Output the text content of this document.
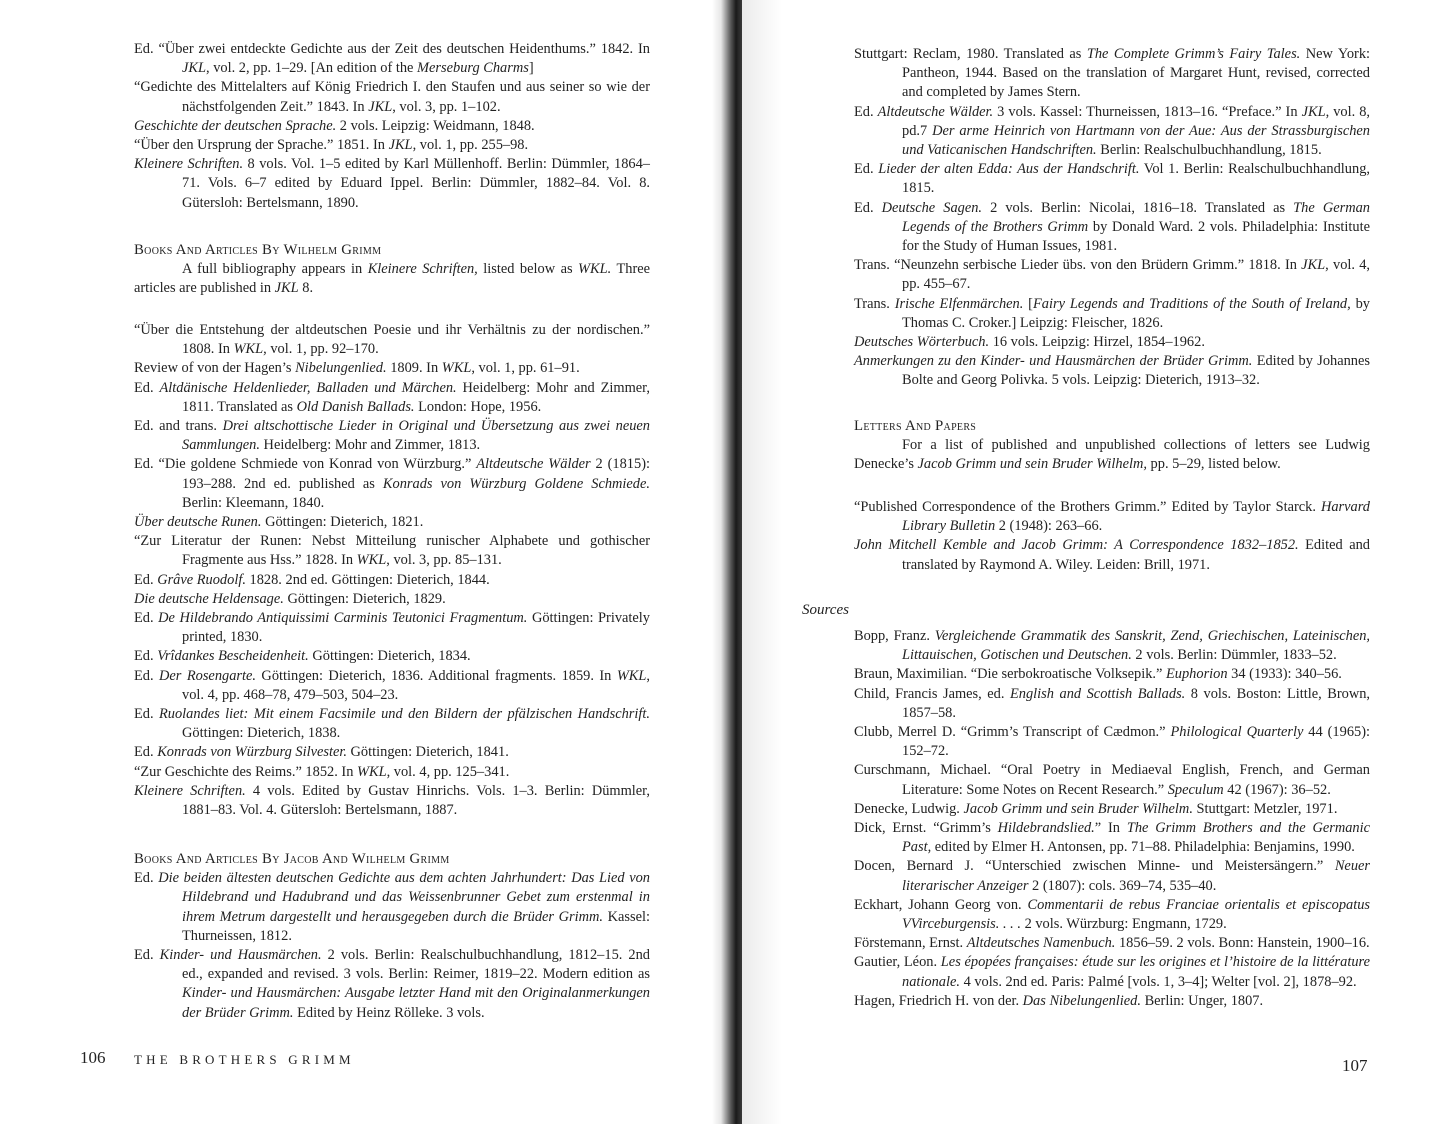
Ed. “Über zwei entdeckte Gedichte aus der Zeit des deutschen Heidenthums.” 1842. In JKL, vol. 2, pp. 1–29. [An edition of the Merseburg Charms]

“Gedichte des Mittelalters auf König Friedrich I. den Staufen und aus seiner so wie der nächstfolgenden Zeit.” 1843. In JKL, vol. 3, pp. 1–102.

Geschichte der deutschen Sprache. 2 vols. Leipzig: Weidmann, 1848.

“Über den Ursprung der Sprache.” 1851. In JKL, vol. 1, pp. 255–98.

Kleinere Schriften. 8 vols. Vol. 1–5 edited by Karl Müllenhoff. Berlin: Dümmler, 1864–71. Vols. 6–7 edited by Eduard Ippel. Berlin: Dümmler, 1882–84. Vol. 8. Gütersloh: Bertelsmann, 1890.

Books And Articles By Wilhelm Grimm

A full bibliography appears in Kleinere Schriften, listed below as WKL. Three articles are published in JKL 8.

“Über die Entstehung der altdeutschen Poesie und ihr Verhältnis zu der nordischen.” 1808. In WKL, vol. 1, pp. 92–170.

Review of von der Hagen’s Nibelungenlied. 1809. In WKL, vol. 1, pp. 61–91.

Ed. Altdänische Heldenlieder, Balladen und Märchen. Heidelberg: Mohr and Zimmer, 1811. Translated as Old Danish Ballads. London: Hope, 1956.

Ed. and trans. Drei altschottische Lieder in Original und Übersetzung aus zwei neuen Sammlungen. Heidelberg: Mohr and Zimmer, 1813.

Ed. “Die goldene Schmiede von Konrad von Würzburg.” Altdeutsche Wälder 2 (1815): 193–288. 2nd ed. published as Konrads von Würzburg Goldene Schmiede. Berlin: Kleemann, 1840.

Über deutsche Runen. Göttingen: Dieterich, 1821.

“Zur Literatur der Runen: Nebst Mitteilung runischer Alphabete und gothischer Fragmente aus Hss.” 1828. In WKL, vol. 3, pp. 85–131.

Ed. Grâve Ruodolf. 1828. 2nd ed. Göttingen: Dieterich, 1844.

Die deutsche Heldensage. Göttingen: Dieterich, 1829.

Ed. De Hildebrando Antiquissimi Carminis Teutonici Fragmentum. Göttingen: Privately printed, 1830.

Ed. Vrîdankes Bescheidenheit. Göttingen: Dieterich, 1834.

Ed. Der Rosengarte. Göttingen: Dieterich, 1836. Additional fragments. 1859. In WKL, vol. 4, pp. 468–78, 479–503, 504–23.

Ed. Ruolandes liet: Mit einem Facsimile und den Bildern der pfälzischen Handschrift. Göttingen: Dieterich, 1838.

Ed. Konrads von Würzburg Silvester. Göttingen: Dieterich, 1841.

“Zur Geschichte des Reims.” 1852. In WKL, vol. 4, pp. 125–341.

Kleinere Schriften. 4 vols. Edited by Gustav Hinrichs. Vols. 1–3. Berlin: Dümmler, 1881–83. Vol. 4. Gütersloh: Bertelsmann, 1887.

Books And Articles By Jacob And Wilhelm Grimm

Ed. Die beiden ältesten deutschen Gedichte aus dem achten Jahrhundert: Das Lied von Hildebrand und Hadubrand und das Weissenbrunner Gebet zum erstenmal in ihrem Metrum dargestellt und herausgegeben durch die Brüder Grimm. Kassel: Thurneissen, 1812.

Ed. Kinder- und Hausmärchen. 2 vols. Berlin: Realschulbuchhandlung, 1812–15. 2nd ed., expanded and revised. 3 vols. Berlin: Reimer, 1819–22. Modern edition as Kinder- und Hausmärchen: Ausgabe letzter Hand mit den Originalanmerkungen der Brüder Grimm. Edited by Heinz Rölleke. 3 vols.

106 THE BROTHERS GRIMM

Stuttgart: Reclam, 1980. Translated as The Complete Grimm’s Fairy Tales. New York: Pantheon, 1944. Based on the translation of Margaret Hunt, revised, corrected and completed by James Stern.

Ed. Altdeutsche Wälder. 3 vols. Kassel: Thurneissen, 1813–16. “Preface.” In JKL, vol. 8, pd.7 Der arme Heinrich von Hartmann von der Aue: Aus der Strassburgischen und Vaticanischen Handschriften. Berlin: Realschulbuchhandlung, 1815.

Ed. Lieder der alten Edda: Aus der Handschrift. Vol 1. Berlin: Realschulbuchhandlung, 1815.

Ed. Deutsche Sagen. 2 vols. Berlin: Nicolai, 1816–18. Translated as The German Legends of the Brothers Grimm by Donald Ward. 2 vols. Philadelphia: Institute for the Study of Human Issues, 1981.

Trans. “Neunzehn serbische Lieder übs. von den Brüdern Grimm.” 1818. In JKL, vol. 4, pp. 455–67.

Trans. Irische Elfenmärchen. [Fairy Legends and Traditions of the South of Ireland, by Thomas C. Croker.] Leipzig: Fleischer, 1826.

Deutsches Wörterbuch. 16 vols. Leipzig: Hirzel, 1854–1962.

Anmerkungen zu den Kinder- und Hausmärchen der Brüder Grimm. Edited by Johannes Bolte and Georg Polivka. 5 vols. Leipzig: Dieterich, 1913–32.

Letters And Papers

For a list of published and unpublished collections of letters see Ludwig Denecke’s Jacob Grimm und sein Bruder Wilhelm, pp. 5–29, listed below.

“Published Correspondence of the Brothers Grimm.” Edited by Taylor Starck. Harvard Library Bulletin 2 (1948): 263–66.

John Mitchell Kemble and Jacob Grimm: A Correspondence 1832–1852. Edited and translated by Raymond A. Wiley. Leiden: Brill, 1971.

Sources

Bopp, Franz. Vergleichende Grammatik des Sanskrit, Zend, Griechischen, Lateinischen, Littauischen, Gotischen und Deutschen. 2 vols. Berlin: Dümmler, 1833–52.

Braun, Maximilian. “Die serbokroatische Volksepik.” Euphorion 34 (1933): 340–56.

Child, Francis James, ed. English and Scottish Ballads. 8 vols. Boston: Little, Brown, 1857–58.

Clubb, Merrel D. “Grimm’s Transcript of Cædmon.” Philological Quarterly 44 (1965): 152–72.

Curschmann, Michael. “Oral Poetry in Mediaeval English, French, and German Literature: Some Notes on Recent Research.” Speculum 42 (1967): 36–52.

Denecke, Ludwig. Jacob Grimm und sein Bruder Wilhelm. Stuttgart: Metzler, 1971.

Dick, Ernst. “Grimm’s Hildebrandslied.” In The Grimm Brothers and the Germanic Past, edited by Elmer H. Antonsen, pp. 71–88. Philadelphia: Benjamins, 1990.

Docen, Bernard J. “Unterschied zwischen Minne- und Meistersängern.” Neuer literarischer Anzeiger 2 (1807): cols. 369–74, 535–40.

Eckhart, Johann Georg von. Commentarii de rebus Franciae orientalis et episcopatus VVirceburgensis. . . . 2 vols. Würzburg: Engmann, 1729.

Förstemann, Ernst. Altdeutsches Namenbuch. 1856–59. 2 vols. Bonn: Hanstein, 1900–16.

Gautier, Léon. Les épopées françaises: étude sur les origines et l’histoire de la littérature nationale. 4 vols. 2nd ed. Paris: Palmé [vols. 1, 3–4]; Welter [vol. 2], 1878–92.

Hagen, Friedrich H. von der. Das Nibelungenlied. Berlin: Unger, 1807.

107
